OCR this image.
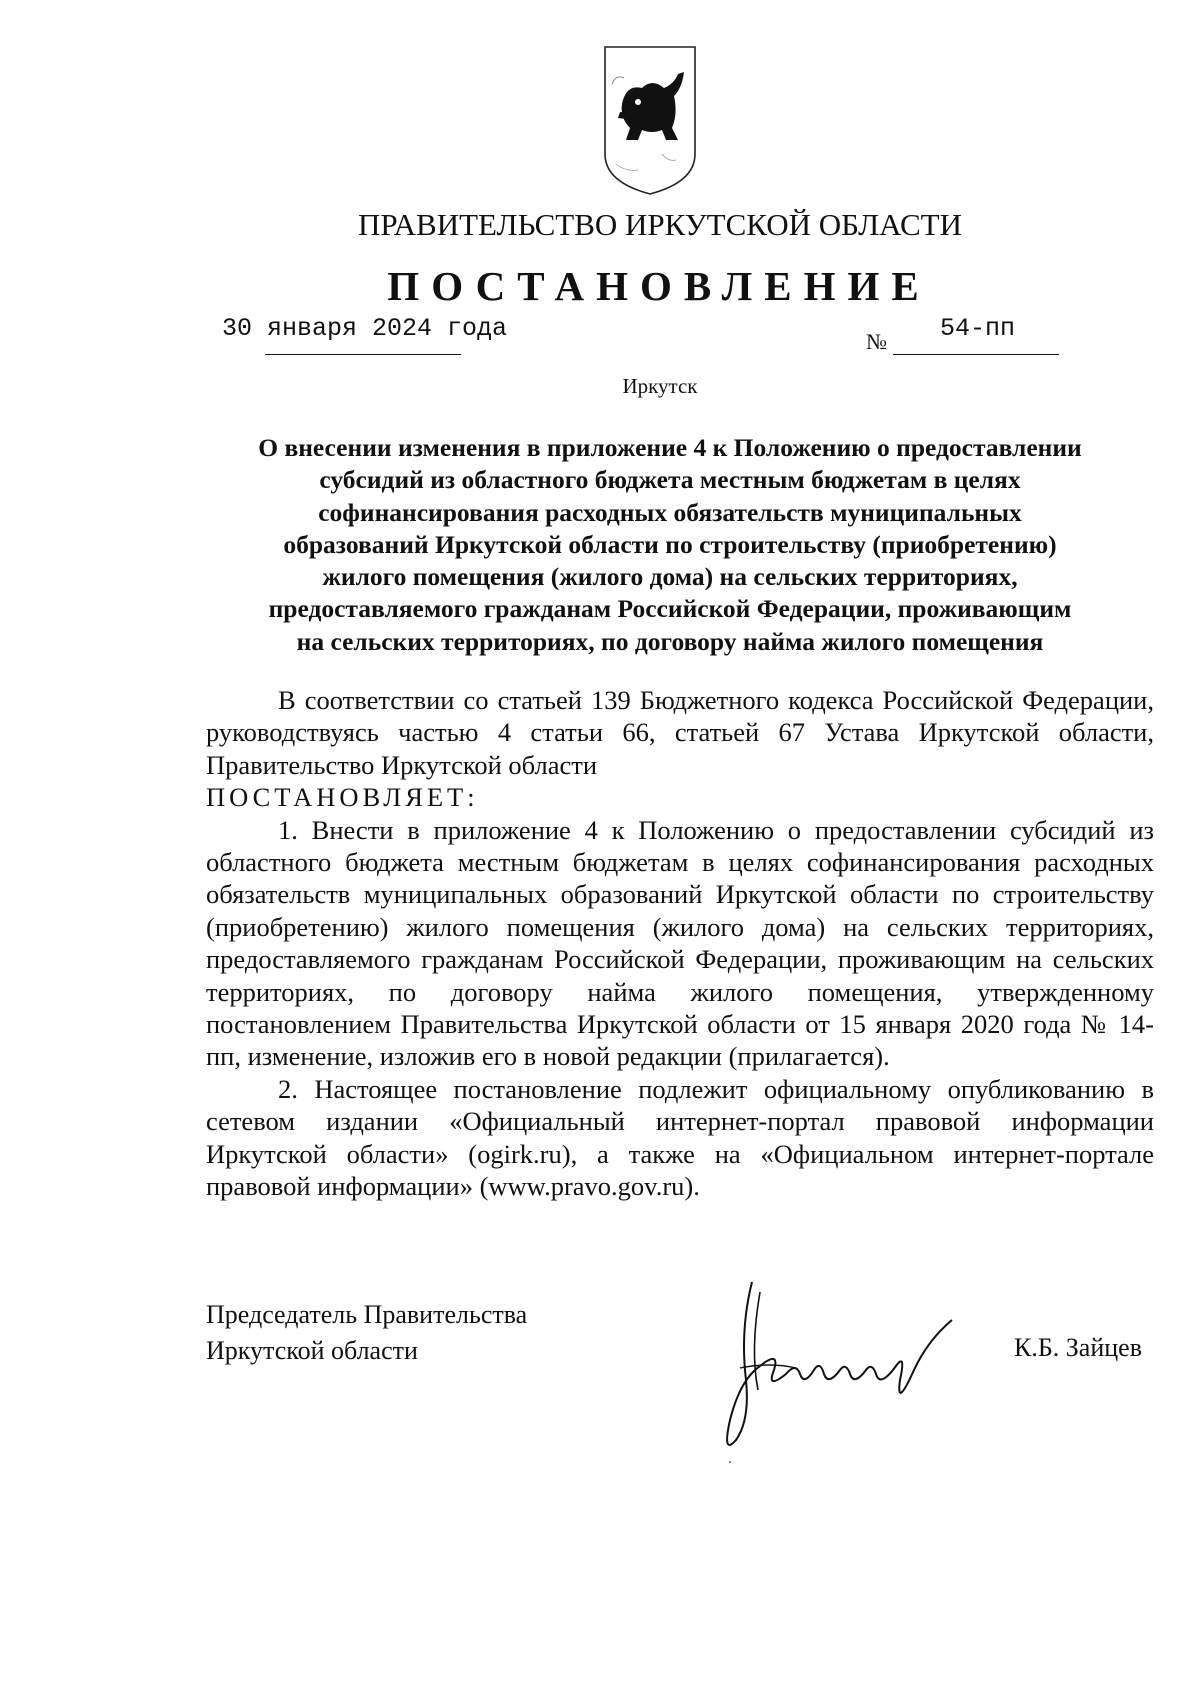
ПРАВИТЕЛЬСТВО ИРКУТСКОЙ ОБЛАСТИ
ПОСТАНОВЛЕНИЕ
30 января 2024 года	№ 54-пп
Иркутск
О внесении изменения в приложение 4 к Положению о предоставлении
субсидий из областного бюджета местным бюджетам в целях
софинансирования расходных обязательств муниципальных
образований Иркутской области по строительству (приобретению)
жилого помещения (жилого дома) на сельских территориях,
предоставляемого гражданам Российской Федерации, проживающим
на сельских территориях, по договору найма жилого помещения

В соответствии со статьей 139 Бюджетного кодекса Российской Федерации, руководствуясь частью 4 статьи 66, статьей 67 Устава Иркутской области, Правительство Иркутской области

ПОСТАНОВЛЯЕТ:

1. Внести в приложение 4 к Положению о предоставлении субсидий из областного бюджета местным бюджетам в целях софинансирования расходных обязательств муниципальных образований Иркутской области по строительству (приобретению) жилого помещения (жилого дома) на сельских территориях, предоставляемого гражданам Российской Федерации, проживающим на сельских территориях, по договору найма жилого помещения, утвержденному постановлением Правительства Иркутской области от 15 января 2020 года № 14-пп, изменение, изложив его в новой редакции (прилагается).

2. Настоящее постановление подлежит официальному опубликованию в сетевом издании «Официальный интернет-портал правовой информации Иркутской области» (ogirk.ru), а также на «Официальном интернет-портале правовой информации» (www.pravo.gov.ru).

Председатель Правительства
Иркутской области	К.Б. Зайцев
